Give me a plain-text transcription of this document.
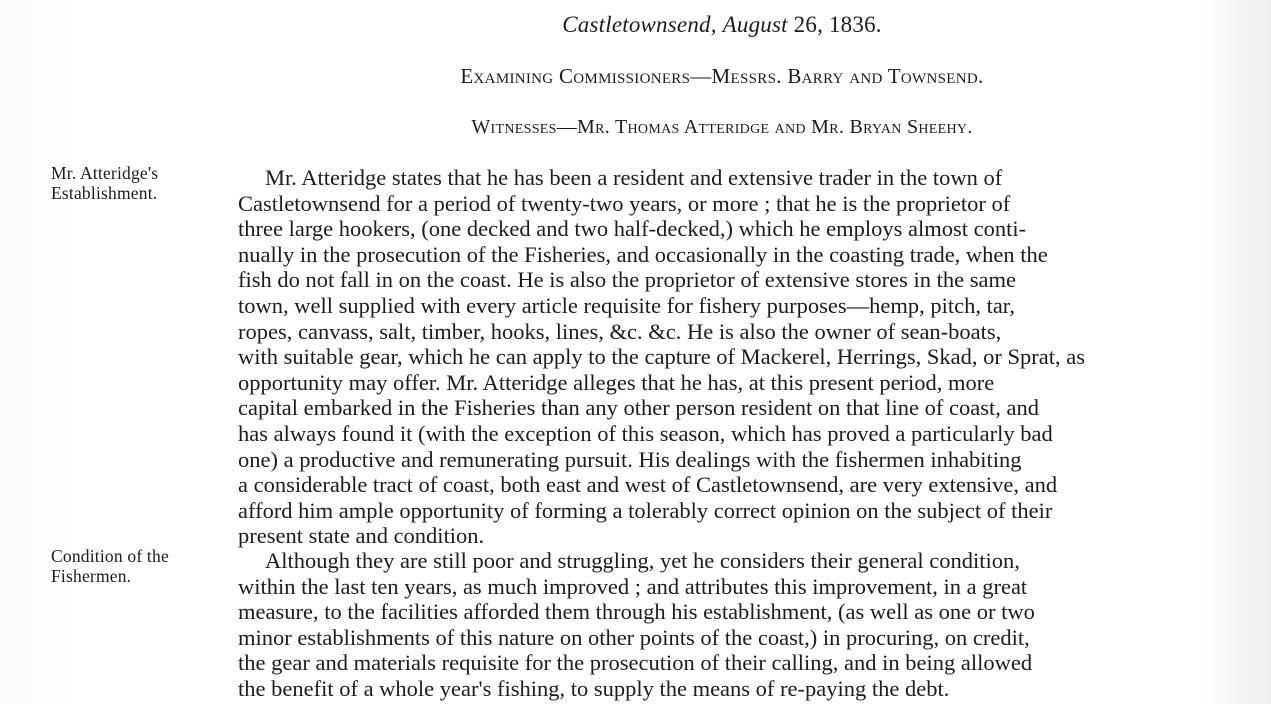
Castletownsend, August 26, 1836.
Examining Commissioners—Messrs. Barry and Townsend.
Witnesses—Mr. Thomas Atteridge and Mr. Bryan Sheehy.
Mr. Atteridge's
Establishment.
Condition of the
Fishermen.
Mr. Atteridge states that he has been a resident and extensive trader in the town of
Castletownsend for a period of twenty-two years, or more ; that he is the proprietor of
three large hookers, (one decked and two half-decked,) which he employs almost conti-
nually in the prosecution of the Fisheries, and occasionally in the coasting trade, when the
fish do not fall in on the coast. He is also the proprietor of extensive stores in the same
town, well supplied with every article requisite for fishery purposes—hemp, pitch, tar,
ropes, canvass, salt, timber, hooks, lines, &c. &c. He is also the owner of sean-boats,
with suitable gear, which he can apply to the capture of Mackerel, Herrings, Skad, or Sprat, as
opportunity may offer. Mr. Atteridge alleges that he has, at this present period, more
capital embarked in the Fisheries than any other person resident on that line of coast, and
has always found it (with the exception of this season, which has proved a particularly bad
one) a productive and remunerating pursuit. His dealings with the fishermen inhabiting
a considerable tract of coast, both east and west of Castletownsend, are very extensive, and
afford him ample opportunity of forming a tolerably correct opinion on the subject of their
present state and condition.
Although they are still poor and struggling, yet he considers their general condition,
within the last ten years, as much improved ; and attributes this improvement, in a great
measure, to the facilities afforded them through his establishment, (as well as one or two
minor establishments of this nature on other points of the coast,) in procuring, on credit,
the gear and materials requisite for the prosecution of their calling, and in being allowed
the benefit of a whole year's fishing, to supply the means of re-paying the debt.
